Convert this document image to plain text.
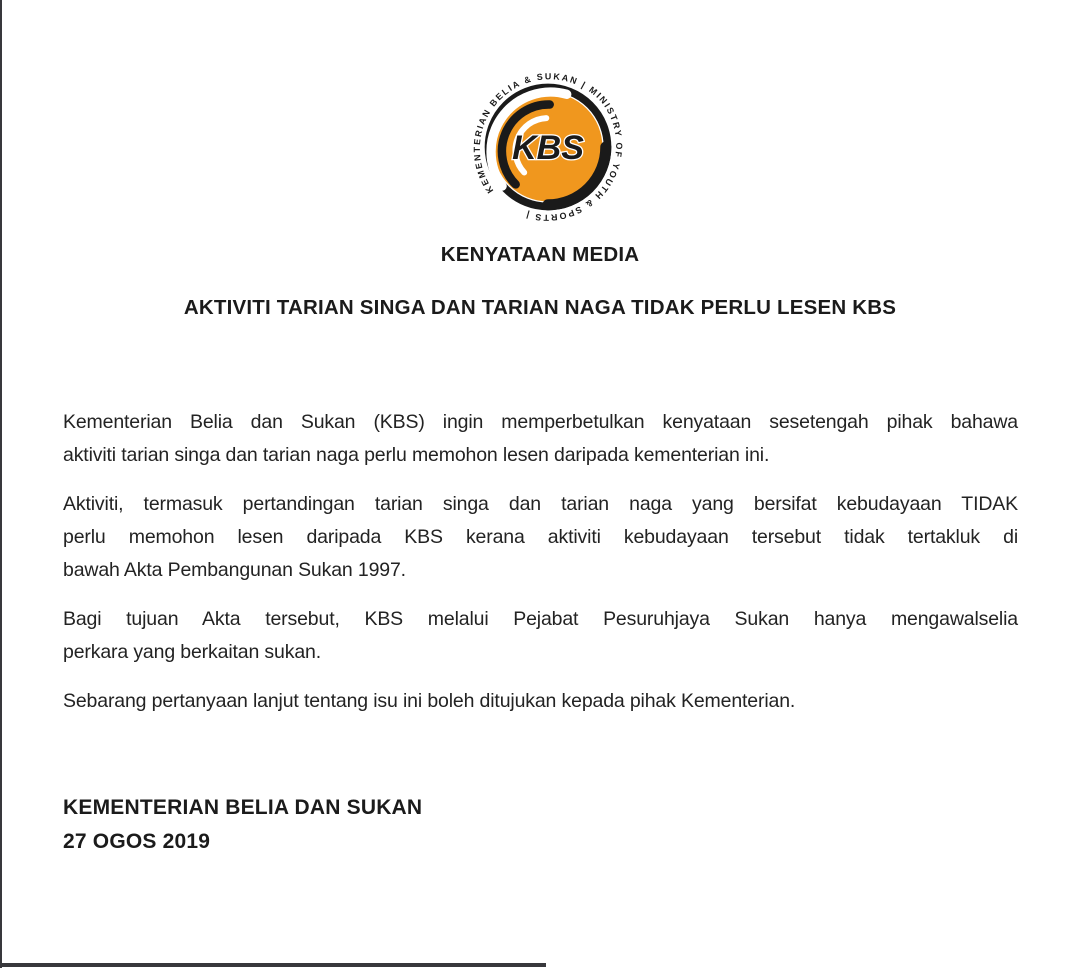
KBS
KEMENTERIAN BELIA & SUKAN | MINISTRY OF YOUTH & SPORTS |
KENYATAAN MEDIA
AKTIVITI TARIAN SINGA DAN TARIAN NAGA TIDAK PERLU LESEN KBS
Kementerian Belia dan Sukan (KBS) ingin memperbetulkan kenyataan sesetengah pihak bahawa
aktiviti tarian singa dan tarian naga perlu memohon lesen daripada kementerian ini.
Aktiviti, termasuk pertandingan tarian singa dan tarian naga yang bersifat kebudayaan TIDAK
perlu memohon lesen daripada KBS kerana aktiviti kebudayaan tersebut tidak tertakluk di
bawah Akta Pembangunan Sukan 1997.
Bagi tujuan Akta tersebut, KBS melalui Pejabat Pesuruhjaya Sukan hanya mengawalselia
perkara yang berkaitan sukan.
Sebarang pertanyaan lanjut tentang isu ini boleh ditujukan kepada pihak Kementerian.
KEMENTERIAN BELIA DAN SUKAN
27 OGOS 2019
